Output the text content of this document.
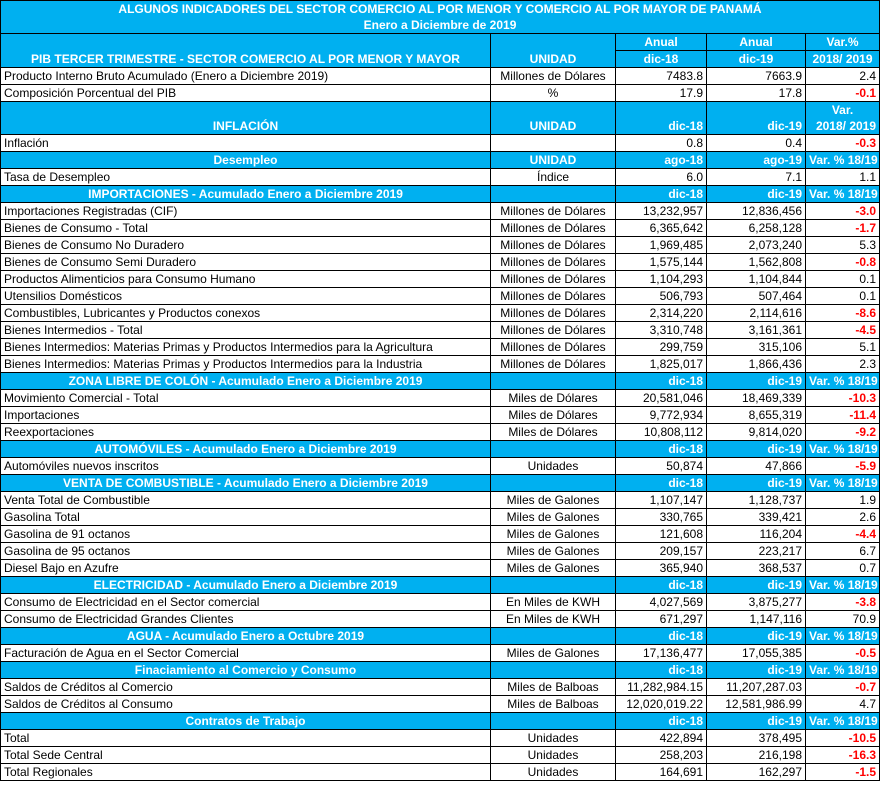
ALGUNOS INDICADORES DEL SECTOR COMERCIO AL POR MENOR Y COMERCIO AL POR MAYOR DE PANAMÁ				
Enero a Diciembre de 2019				
		Anual	Anual	Var.%
PIB TERCER TRIMESTRE - SECTOR COMERCIO AL POR MENOR Y MAYOR	UNIDAD	dic-18	dic-19	2018/ 2019
Producto Interno Bruto Acumulado (Enero a Diciembre 2019)	Millones de Dólares	7483.8	7663.9	2.4
Composición Porcentual del PIB	%	17.9	17.8	-0.1
				Var.
INFLACIÓN	UNIDAD	dic-18	dic-19	2018/ 2019
Inflación		0.8	0.4	-0.3
Desempleo	UNIDAD	ago-18	ago-19	Var. % 18/19
Tasa de Desempleo	Índice	6.0	7.1	1.1
IMPORTACIONES - Acumulado Enero a Diciembre 2019		dic-18	dic-19	Var. % 18/19
Importaciones Registradas (CIF)	Millones de Dólares	13,232,957	12,836,456	-3.0
Bienes de Consumo - Total	Millones de Dólares	6,365,642	6,258,128	-1.7
Bienes de Consumo No Duradero	Millones de Dólares	1,969,485	2,073,240	5.3
Bienes de Consumo Semi Duradero	Millones de Dólares	1,575,144	1,562,808	-0.8
Productos Alimenticios para Consumo Humano	Millones de Dólares	1,104,293	1,104,844	0.1
Utensilios Domésticos	Millones de Dólares	506,793	507,464	0.1
Combustibles, Lubricantes y Productos conexos	Millones de Dólares	2,314,220	2,114,616	-8.6
Bienes Intermedios - Total	Millones de Dólares	3,310,748	3,161,361	-4.5
Bienes Intermedios: Materias Primas y Productos Intermedios para la Agricultura	Millones de Dólares	299,759	315,106	5.1
Bienes Intermedios: Materias Primas y Productos Intermedios para la Industria	Millones de Dólares	1,825,017	1,866,436	2.3
ZONA LIBRE DE COLÓN - Acumulado Enero a Diciembre 2019		dic-18	dic-19	Var. % 18/19
Movimiento Comercial - Total	Miles de Dólares	20,581,046	18,469,339	-10.3
Importaciones	Miles de Dólares	9,772,934	8,655,319	-11.4
Reexportaciones	Miles de Dólares	10,808,112	9,814,020	-9.2
AUTOMÓVILES - Acumulado Enero a Diciembre 2019		dic-18	dic-19	Var. % 18/19
Automóviles nuevos inscritos	Unidades	50,874	47,866	-5.9
VENTA DE COMBUSTIBLE - Acumulado Enero a Diciembre 2019		dic-18	dic-19	Var. % 18/19
Venta Total de Combustible	Miles de Galones	1,107,147	1,128,737	1.9
Gasolina Total	Miles de Galones	330,765	339,421	2.6
Gasolina de 91 octanos	Miles de Galones	121,608	116,204	-4.4
Gasolina de 95 octanos	Miles de Galones	209,157	223,217	6.7
Diesel Bajo en Azufre	Miles de Galones	365,940	368,537	0.7
ELECTRICIDAD - Acumulado Enero a Diciembre 2019		dic-18	dic-19	Var. % 18/19
Consumo de Electricidad en el Sector comercial	En Miles de KWH	4,027,569	3,875,277	-3.8
Consumo de Electricidad Grandes Clientes	En Miles de KWH	671,297	1,147,116	70.9
AGUA - Acumulado Enero a Octubre 2019		dic-18	dic-19	Var. % 18/19
Facturación de Agua en el Sector Comercial	Miles de Galones	17,136,477	17,055,385	-0.5
Finaciamiento al Comercio y Consumo		dic-18	dic-19	Var. % 18/19
Saldos de Créditos al Comercio	Miles de Balboas	11,282,984.15	11,207,287.03	-0.7
Saldos de Créditos al Consumo	Miles de Balboas	12,020,019.22	12,581,986.99	4.7
Contratos de Trabajo		dic-18	dic-19	Var. % 18/19
Total	Unidades	422,894	378,495	-10.5
Total Sede Central	Unidades	258,203	216,198	-16.3
Total Regionales	Unidades	164,691	162,297	-1.5
